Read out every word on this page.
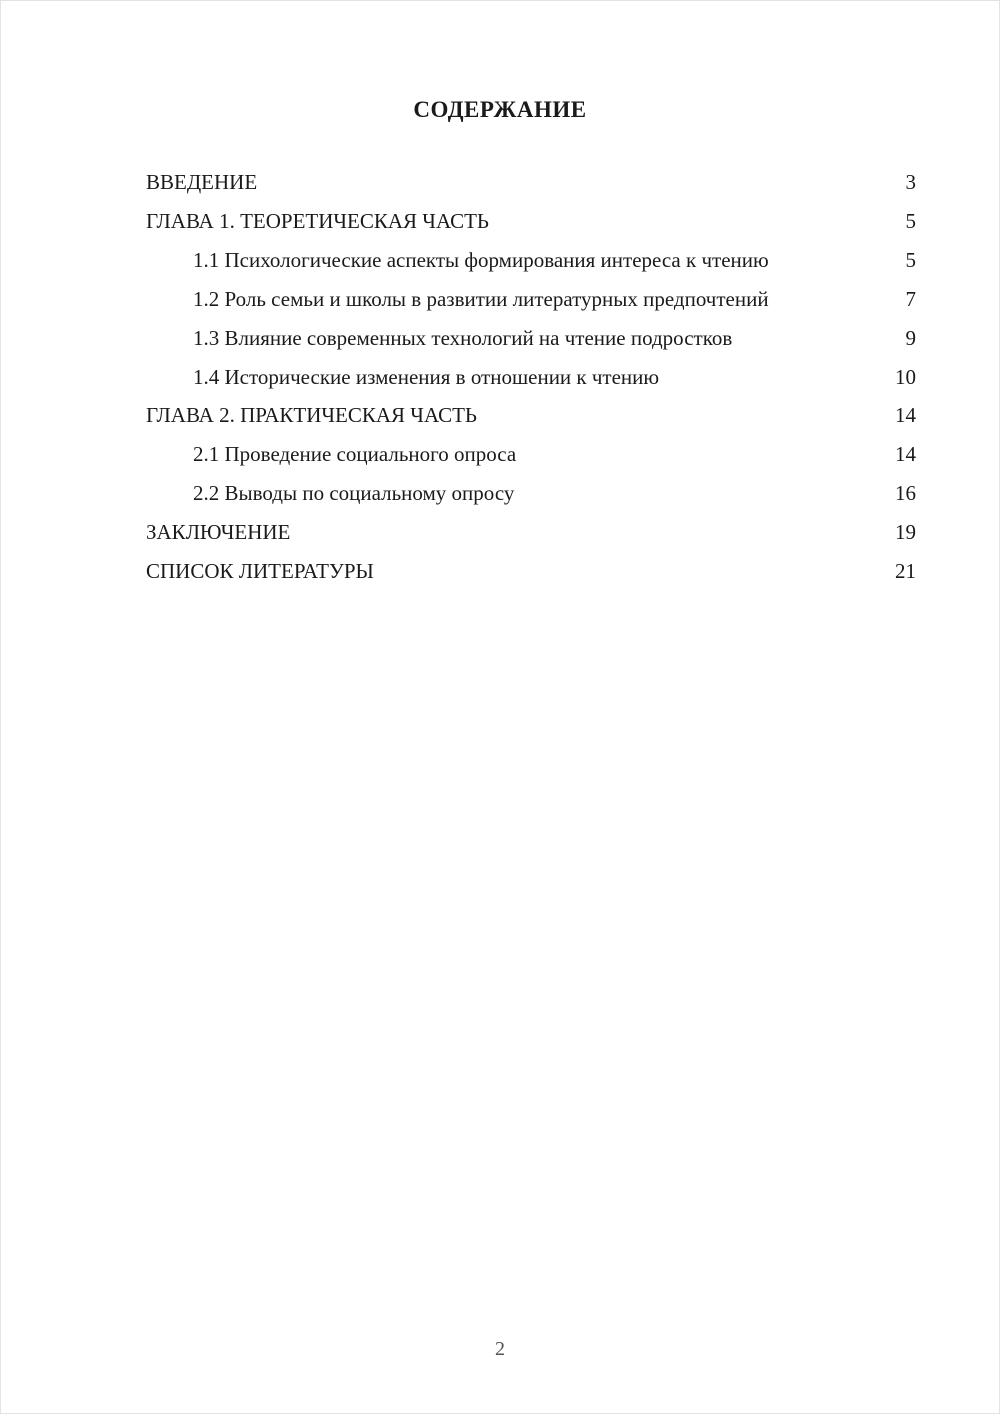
СОДЕРЖАНИЕ
ВВЕДЕНИЕ	3
ГЛАВА 1. ТЕОРЕТИЧЕСКАЯ ЧАСТЬ	5
1.1 Психологические аспекты формирования интереса к чтению	5
1.2 Роль семьи и школы в развитии литературных предпочтений	7
1.3 Влияние современных технологий на чтение подростков	9
1.4 Исторические изменения в отношении к чтению	10
ГЛАВА 2. ПРАКТИЧЕСКАЯ ЧАСТЬ	14
2.1 Проведение социального опроса	14
2.2 Выводы по социальному опросу	16
ЗАКЛЮЧЕНИЕ	19
СПИСОК ЛИТЕРАТУРЫ	21
2
